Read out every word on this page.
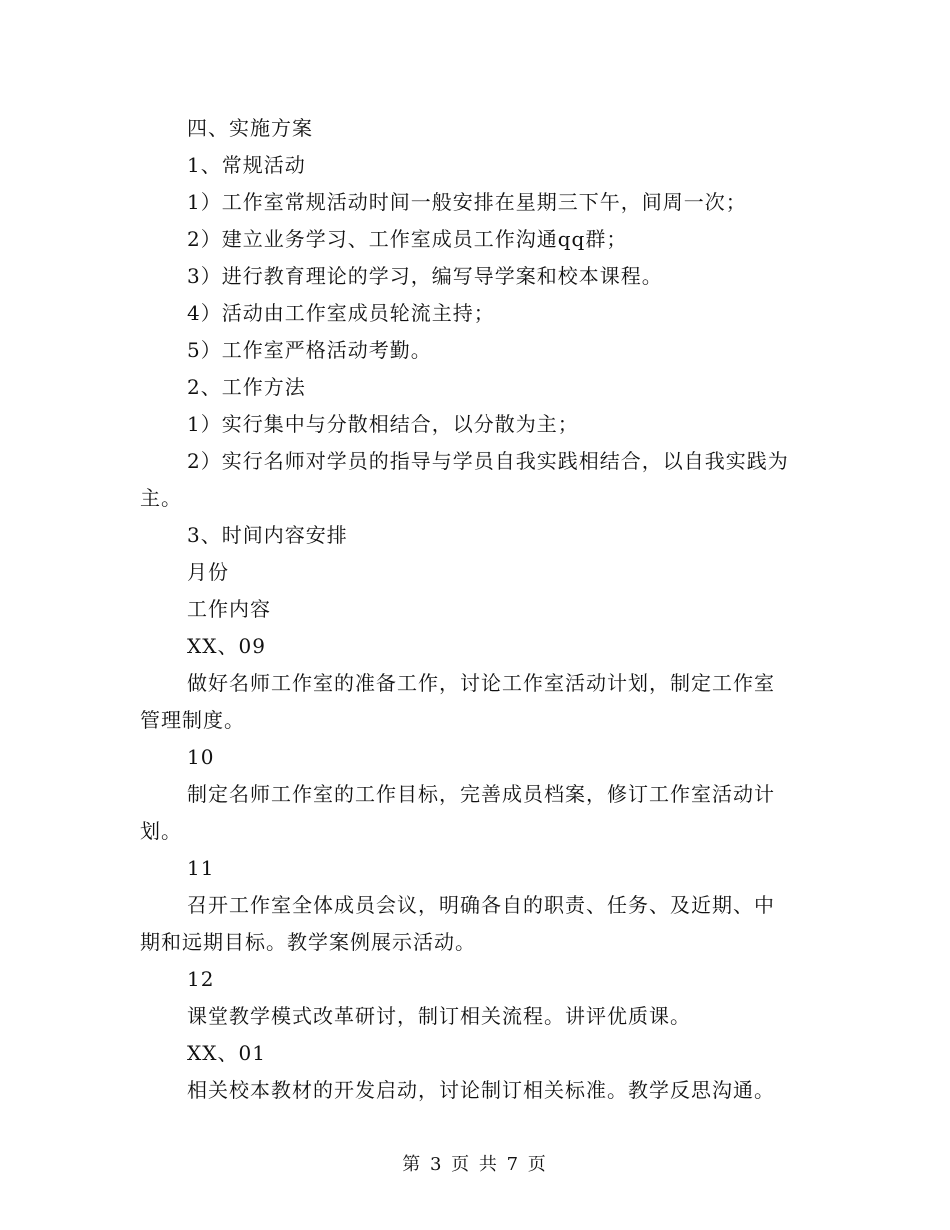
四、实施方案
1、常规活动
1）工作室常规活动时间一般安排在星期三下午，间周一次；
2）建立业务学习、工作室成员工作沟通qq群；
3）进行教育理论的学习，编写导学案和校本课程。
4）活动由工作室成员轮流主持；
5）工作室严格活动考勤。
2、工作方法
1）实行集中与分散相结合，以分散为主；
2）实行名师对学员的指导与学员自我实践相结合，以自我实践为
主。
3、时间内容安排
月份
工作内容
XX、09
做好名师工作室的准备工作，讨论工作室活动计划，制定工作室
管理制度。
10
制定名师工作室的工作目标，完善成员档案，修订工作室活动计
划。
11
召开工作室全体成员会议，明确各自的职责、任务、及近期、中
期和远期目标。教学案例展示活动。
12
课堂教学模式改革研讨，制订相关流程。讲评优质课。
XX、01
相关校本教材的开发启动，讨论制订相关标准。教学反思沟通。
第 3 页 共 7 页
